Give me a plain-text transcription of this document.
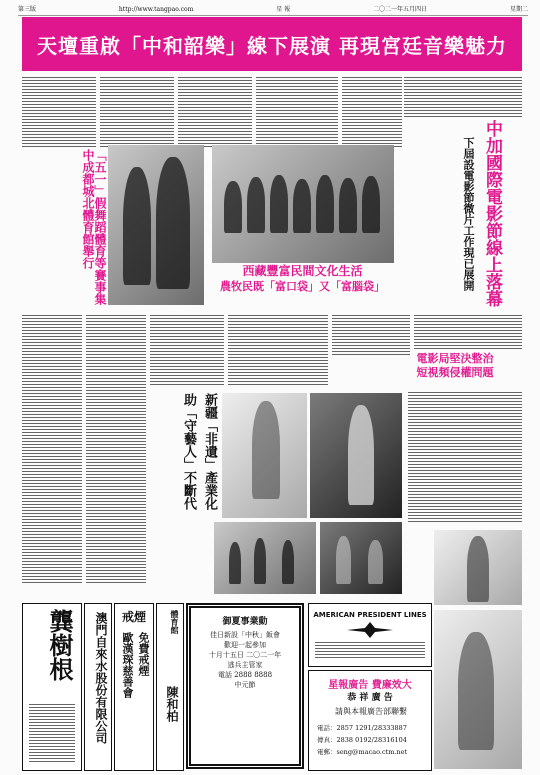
第三版	http://www.tangpao.com	星 報	二〇二一年五月四日	星期二
天壇重啟「中和韶樂」線下展演 再現宮廷音樂魅力
「五一」假舞蹈體育等賽事集中成都城北體育館舉行
西藏豐富民間文化生活
農牧民既「富口袋」又「富腦袋」	中加國際電影節線上落幕
下屆設電影節微片工作現已展開
電影局堅決整治
短視頻侵權問題
新疆「非遺」產業化
助「守藝人」不斷代
龔樹根	澳門自來水股份有限公司	戒煙
免費戒煙
歐漢琛慈善會
體育館
陳和柏
御夏事業動
佳日新設「中秋」飯會
歡迎一起參加
十月十五日 二〇二一年
逃兵主管家
電話 2888 8888
中元節
AMERICAN PRESIDENT LINES
星報廣告 費廉效大
恭 祥 廣 告
請與本報廣告部聯繫
電話：2857 1291/28333887
傳真：2838 0192/28316104
電郵：seng@macao.ctm.net
